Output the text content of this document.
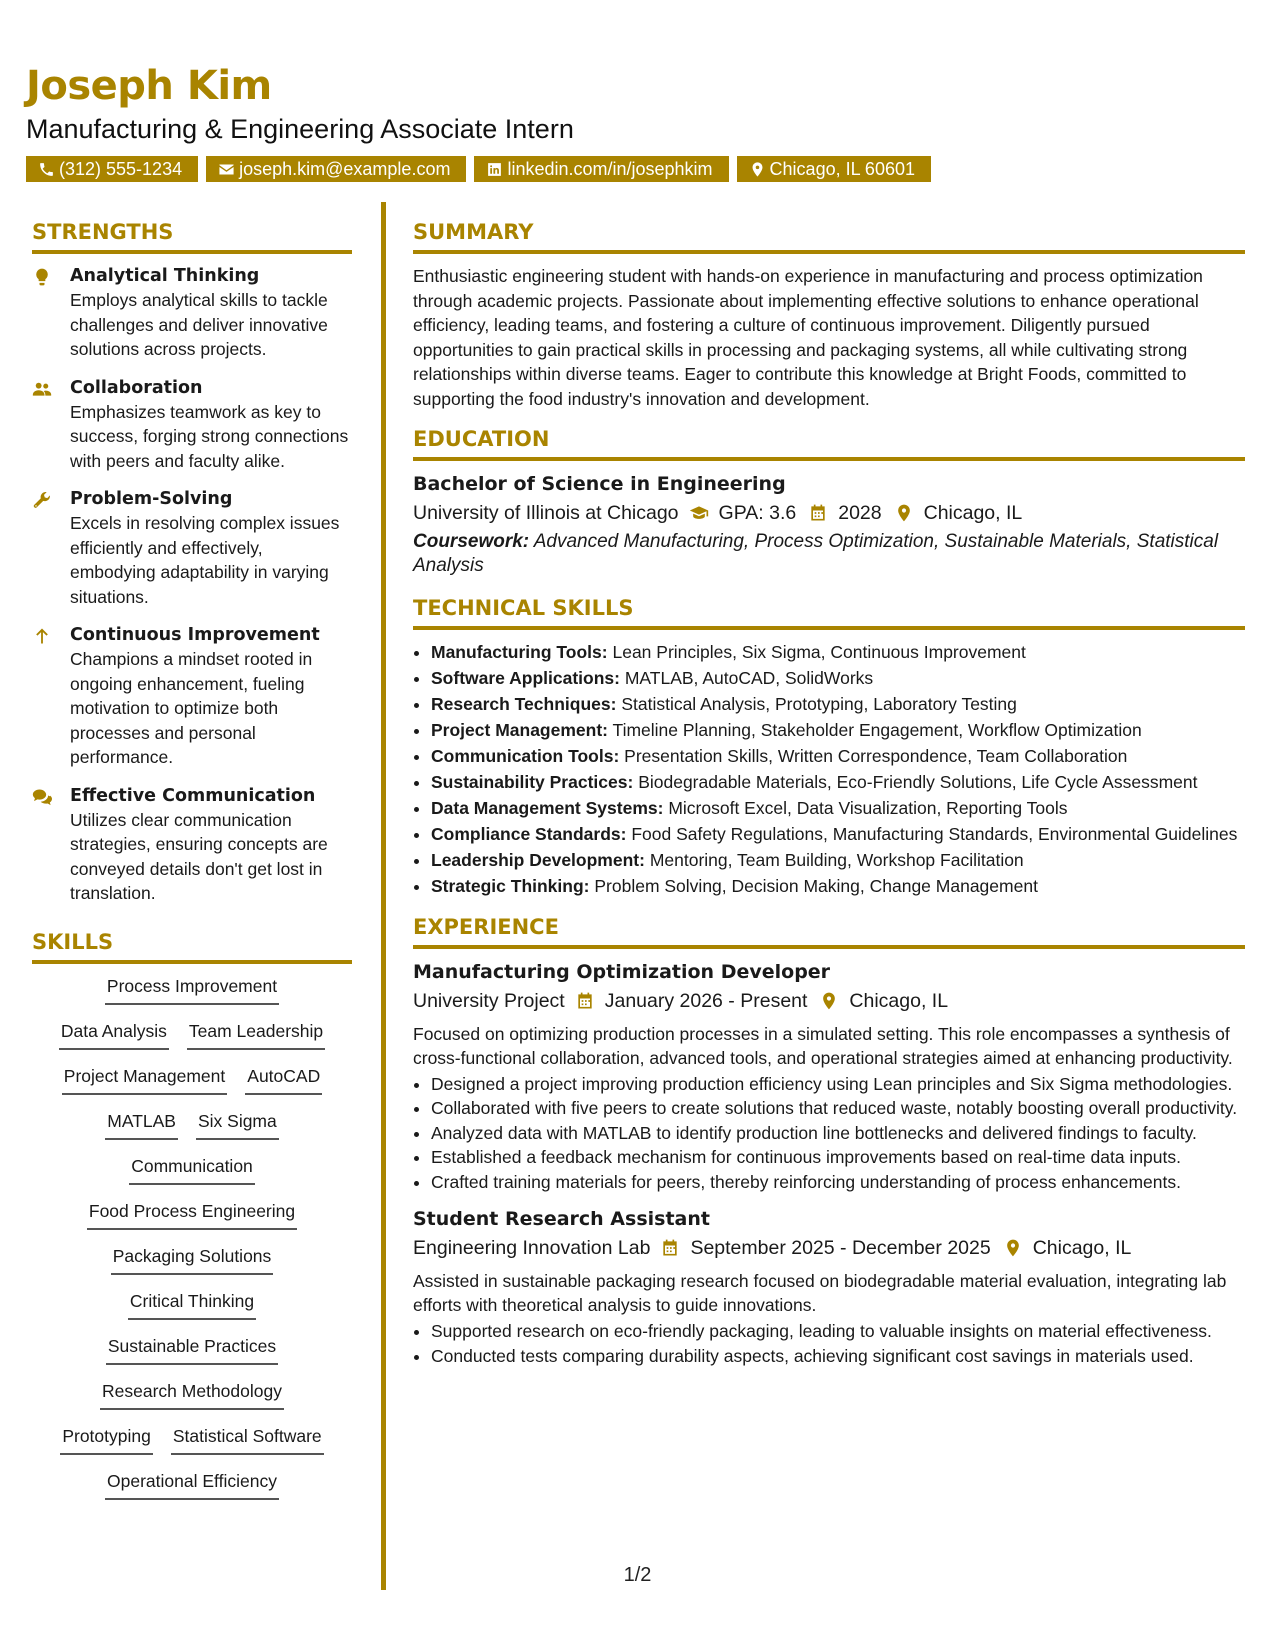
Joseph Kim
Manufacturing & Engineering Associate Intern
(312) 555-1234	joseph.kim@example.com	linkedin.com/in/josephkim	Chicago, IL 60601
STRENGTHS
Analytical Thinking
Employs analytical skills to tackle challenges and deliver innovative solutions across projects.
Collaboration
Emphasizes teamwork as key to success, forging strong connections with peers and faculty alike.
Problem-Solving
Excels in resolving complex issues efficiently and effectively, embodying adaptability in varying situations.
Continuous Improvement
Champions a mindset rooted in ongoing enhancement, fueling motivation to optimize both processes and personal performance.
Effective Communication
Utilizes clear communication strategies, ensuring concepts are conveyed details don't get lost in translation.
SKILLS
Process Improvement
Data Analysis Team Leadership
Project Management AutoCAD
MATLAB Six Sigma
Communication
Food Process Engineering
Packaging Solutions
Critical Thinking
Sustainable Practices
Research Methodology
Prototyping Statistical Software
Operational Efficiency
SUMMARY
Enthusiastic engineering student with hands-on experience in manufacturing and process optimization through academic projects. Passionate about implementing effective solutions to enhance operational efficiency, leading teams, and fostering a culture of continuous improvement. Diligently pursued opportunities to gain practical skills in processing and packaging systems, all while cultivating strong relationships within diverse teams. Eager to contribute this knowledge at Bright Foods, committed to supporting the food industry's innovation and development.
EDUCATION
Bachelor of Science in Engineering
University of Illinois at Chicago GPA: 3.6 2028 Chicago, IL
Coursework: Advanced Manufacturing, Process Optimization, Sustainable Materials, Statistical Analysis
TECHNICAL SKILLS
• Manufacturing Tools: Lean Principles, Six Sigma, Continuous Improvement
• Software Applications: MATLAB, AutoCAD, SolidWorks
• Research Techniques: Statistical Analysis, Prototyping, Laboratory Testing
• Project Management: Timeline Planning, Stakeholder Engagement, Workflow Optimization
• Communication Tools: Presentation Skills, Written Correspondence, Team Collaboration
• Sustainability Practices: Biodegradable Materials, Eco-Friendly Solutions, Life Cycle Assessment
• Data Management Systems: Microsoft Excel, Data Visualization, Reporting Tools
• Compliance Standards: Food Safety Regulations, Manufacturing Standards, Environmental Guidelines
• Leadership Development: Mentoring, Team Building, Workshop Facilitation
• Strategic Thinking: Problem Solving, Decision Making, Change Management
EXPERIENCE
Manufacturing Optimization Developer
University Project January 2026 - Present Chicago, IL
Focused on optimizing production processes in a simulated setting. This role encompasses a synthesis of cross-functional collaboration, advanced tools, and operational strategies aimed at enhancing productivity.
• Designed a project improving production efficiency using Lean principles and Six Sigma methodologies.
• Collaborated with five peers to create solutions that reduced waste, notably boosting overall productivity.
• Analyzed data with MATLAB to identify production line bottlenecks and delivered findings to faculty.
• Established a feedback mechanism for continuous improvements based on real-time data inputs.
• Crafted training materials for peers, thereby reinforcing understanding of process enhancements.
Student Research Assistant
Engineering Innovation Lab September 2025 - December 2025 Chicago, IL
Assisted in sustainable packaging research focused on biodegradable material evaluation, integrating lab efforts with theoretical analysis to guide innovations.
• Supported research on eco-friendly packaging, leading to valuable insights on material effectiveness.
• Conducted tests comparing durability aspects, achieving significant cost savings in materials used.
1/2
